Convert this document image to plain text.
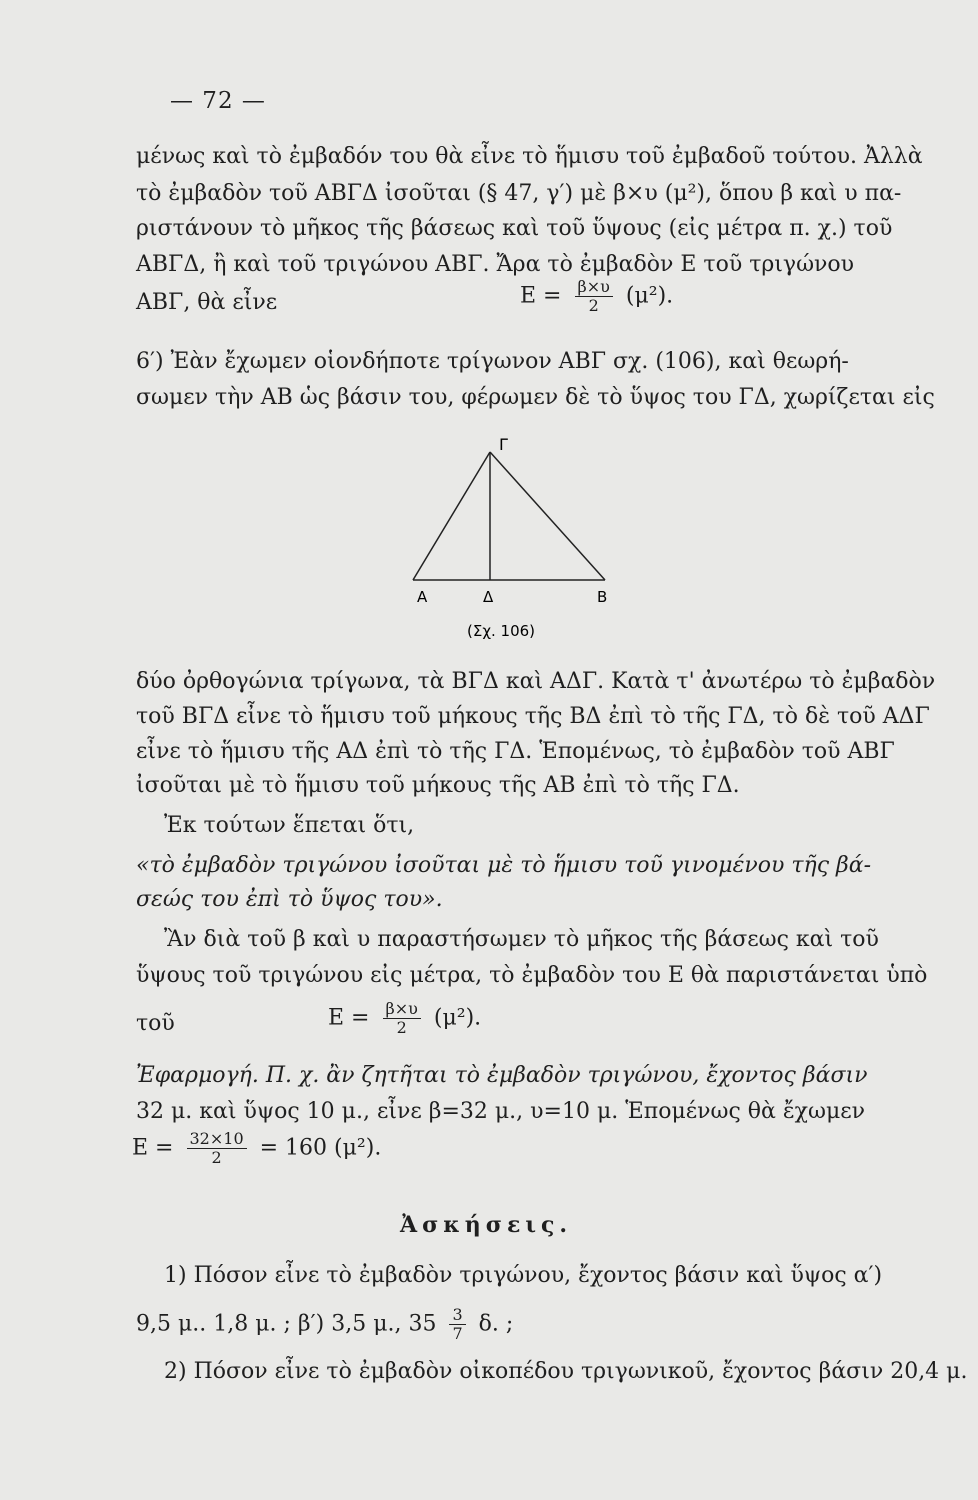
— 72 —
μένως καὶ τὸ ἐμβαδόν του θὰ εἶνε τὸ ἥμισυ τοῦ ἐμβαδοῦ τούτου. Ἀλλὰ
τὸ ἐμβαδὸν τοῦ ΑΒΓΔ ἰσοῦται (§ 47, γ′) μὲ β×υ (μ²), ὅπου β καὶ υ πα-
ριστάνουν τὸ μῆκος τῆς βάσεως καὶ τοῦ ὕψους (εἰς μέτρα π. χ.) τοῦ
ΑΒΓΔ, ἢ καὶ τοῦ τριγώνου ΑΒΓ. Ἄρα τὸ ἐμβαδὸν Ε τοῦ τριγώνου
ΑΒΓ, θὰ εἶνε	$E = \frac{\beta\times\upsilon}{2} (\mu^2)$.
6′) Ἐὰν ἔχωμεν οἱονδήποτε τρίγωνον ΑΒΓ σχ. (106), καὶ θεωρή-
σωμεν τὴν ΑΒ ὡς βάσιν του, φέρωμεν δὲ τὸ ὕψος του ΓΔ, χωρίζεται εἰς
Γ
Α	Δ	Β
(Σχ. 106)
δύο ὀρθογώνια τρίγωνα, τὰ ΒΓΔ καὶ ΑΔΓ. Κατὰ τ' ἀνωτέρω τὸ ἐμβαδὸν
τοῦ ΒΓΔ εἶνε τὸ ἥμισυ τοῦ μήκους τῆς ΒΔ ἐπὶ τὸ τῆς ΓΔ, τὸ δὲ τοῦ ΑΔΓ
εἶνε τὸ ἥμισυ τῆς ΑΔ ἐπὶ τὸ τῆς ΓΔ. Ἑπομένως, τὸ ἐμβαδὸν τοῦ ΑΒΓ
ἰσοῦται μὲ τὸ ἥμισυ τοῦ μήκους τῆς ΑΒ ἐπὶ τὸ τῆς ΓΔ.
Ἐκ τούτων ἕπεται ὅτι,
«τὸ ἐμβαδὸν τριγώνου ἰσοῦται μὲ τὸ ἥμισυ τοῦ γινομένου τῆς βά-
σεώς του ἐπὶ τὸ ὕψος του».
Ἂν διὰ τοῦ β καὶ υ παραστήσωμεν τὸ μῆκος τῆς βάσεως καὶ τοῦ
ὕψους τοῦ τριγώνου εἰς μέτρα, τὸ ἐμβαδὸν του Ε θὰ παριστάνεται ὑπὸ
τοῦ	$E = \frac{\beta\times\upsilon}{2} (\mu^2)$.
Ἐφαρμογή. Π. χ. ἂν ζητῆται τὸ ἐμβαδὸν τριγώνου, ἔχοντος βάσιν
32 μ. καὶ ὕψος 10 μ., εἶνε β=32 μ., υ=10 μ. Ἑπομένως θὰ ἔχωμεν
$E = \frac{32\times 10}{2} = 160$ (μ²).
Ἀσκήσεις.
1) Πόσον εἶνε τὸ ἐμβαδὸν τριγώνου, ἔχοντος βάσιν καὶ ὕψος α′)
9,5 μ.. 1,8 μ. ; β′) 3,5 μ., $35 \frac{3}{7} \delta$. ;
2) Πόσον εἶνε τὸ ἐμβαδὸν οἰκοπέδου τριγωνικοῦ, ἔχοντος βάσιν 20,4 μ.
